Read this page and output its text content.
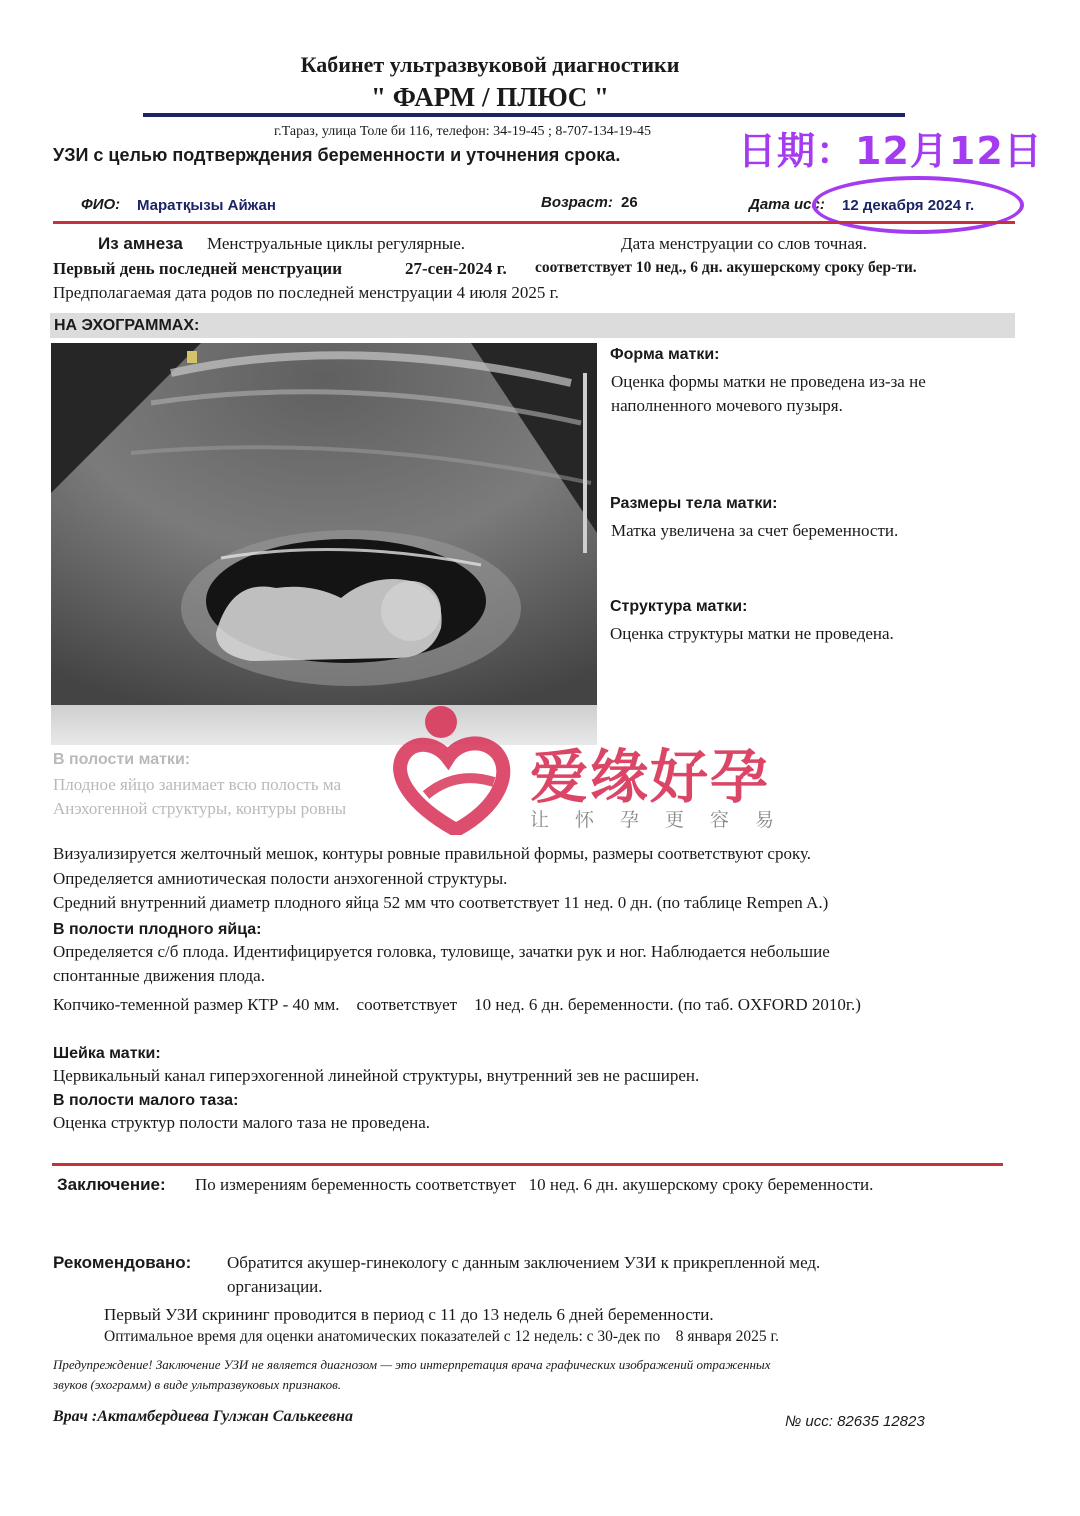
Кабинет ультразвуковой диагностики
" ФАРМ / ПЛЮС "
г.Тараз, улица Толе би 116, телефон: 34-19-45 ; 8-707-134-19-45
УЗИ с целью подтверждения беременности и уточнения срока.	日期：12月12日
ФИО: Маратқызы Айжан	Возраст: 26	Дата исс: 12 декабря 2024 г.
Из амнеза Менструальные циклы регулярные.	Дата менструации со слов точная.
Первый день последней менструации	27-сен-2024 г. соответствует 10 нед., 6 дн. акушерскому сроку бер-ти.
Предполагаемая дата родов по последней менструации 4 июля 2025 г.
НА ЭХОГРАММАХ:
Форма матки:
Оценка формы матки не проведена из-за не
наполненного мочевого пузыря.
Размеры тела матки:
Матка увеличена за счет беременности.
Структура матки:
Оценка структуры матки не проведена.
В полости матки:
Плодное яйцо занимает всю полость ма
Анэхогенной структуры, контуры ровны	爱缘好孕
让怀孕更容易
Визуализируется желточный мешок, контуры ровные правильной формы, размеры соответствуют сроку.
Определяется амниотическая полости анэхогенной структуры.
Средний внутренний диаметр плодного яйца 52 мм что соответствует 11 нед. 0 дн. (по таблице Rempen A.)
В полости плодного яйца:
Определяется с/б плода. Идентифицируется головка, туловище, зачатки рук и ног. Наблюдается небольшие
спонтанные движения плода.
Копчико-теменной размер КТР - 40 мм.    соответствует    10 нед. 6 дн. беременности. (по таб. OXFORD 2010г.)
Шейка матки:
Цервикальный канал гиперэхогенной линейной структуры, внутренний зев не расширен.
В полости малого таза:
Оценка структур полости малого таза не проведена.
Заключение: По измерениям беременность соответствует   10 нед. 6 дн. акушерскому сроку беременности.
Рекомендовано: Обратится акушер-гинекологу с данным заключением УЗИ к прикрепленной мед.
организации.
Первый УЗИ скрининг проводится в период с 11 до 13 недель 6 дней беременности.
Оптимальное время для оценки анатомических показателей с 12 недель: с 30-дек по    8 января 2025 г.
Предупреждение! Заключение УЗИ не является диагнозом — это интерпретация врача графических изображений отраженных
звуков (эхограмм) в виде ультразвуковых признаков.
Врач :Актамбердиева Гулжан Салькеевна	№ исс: 82635 12823
